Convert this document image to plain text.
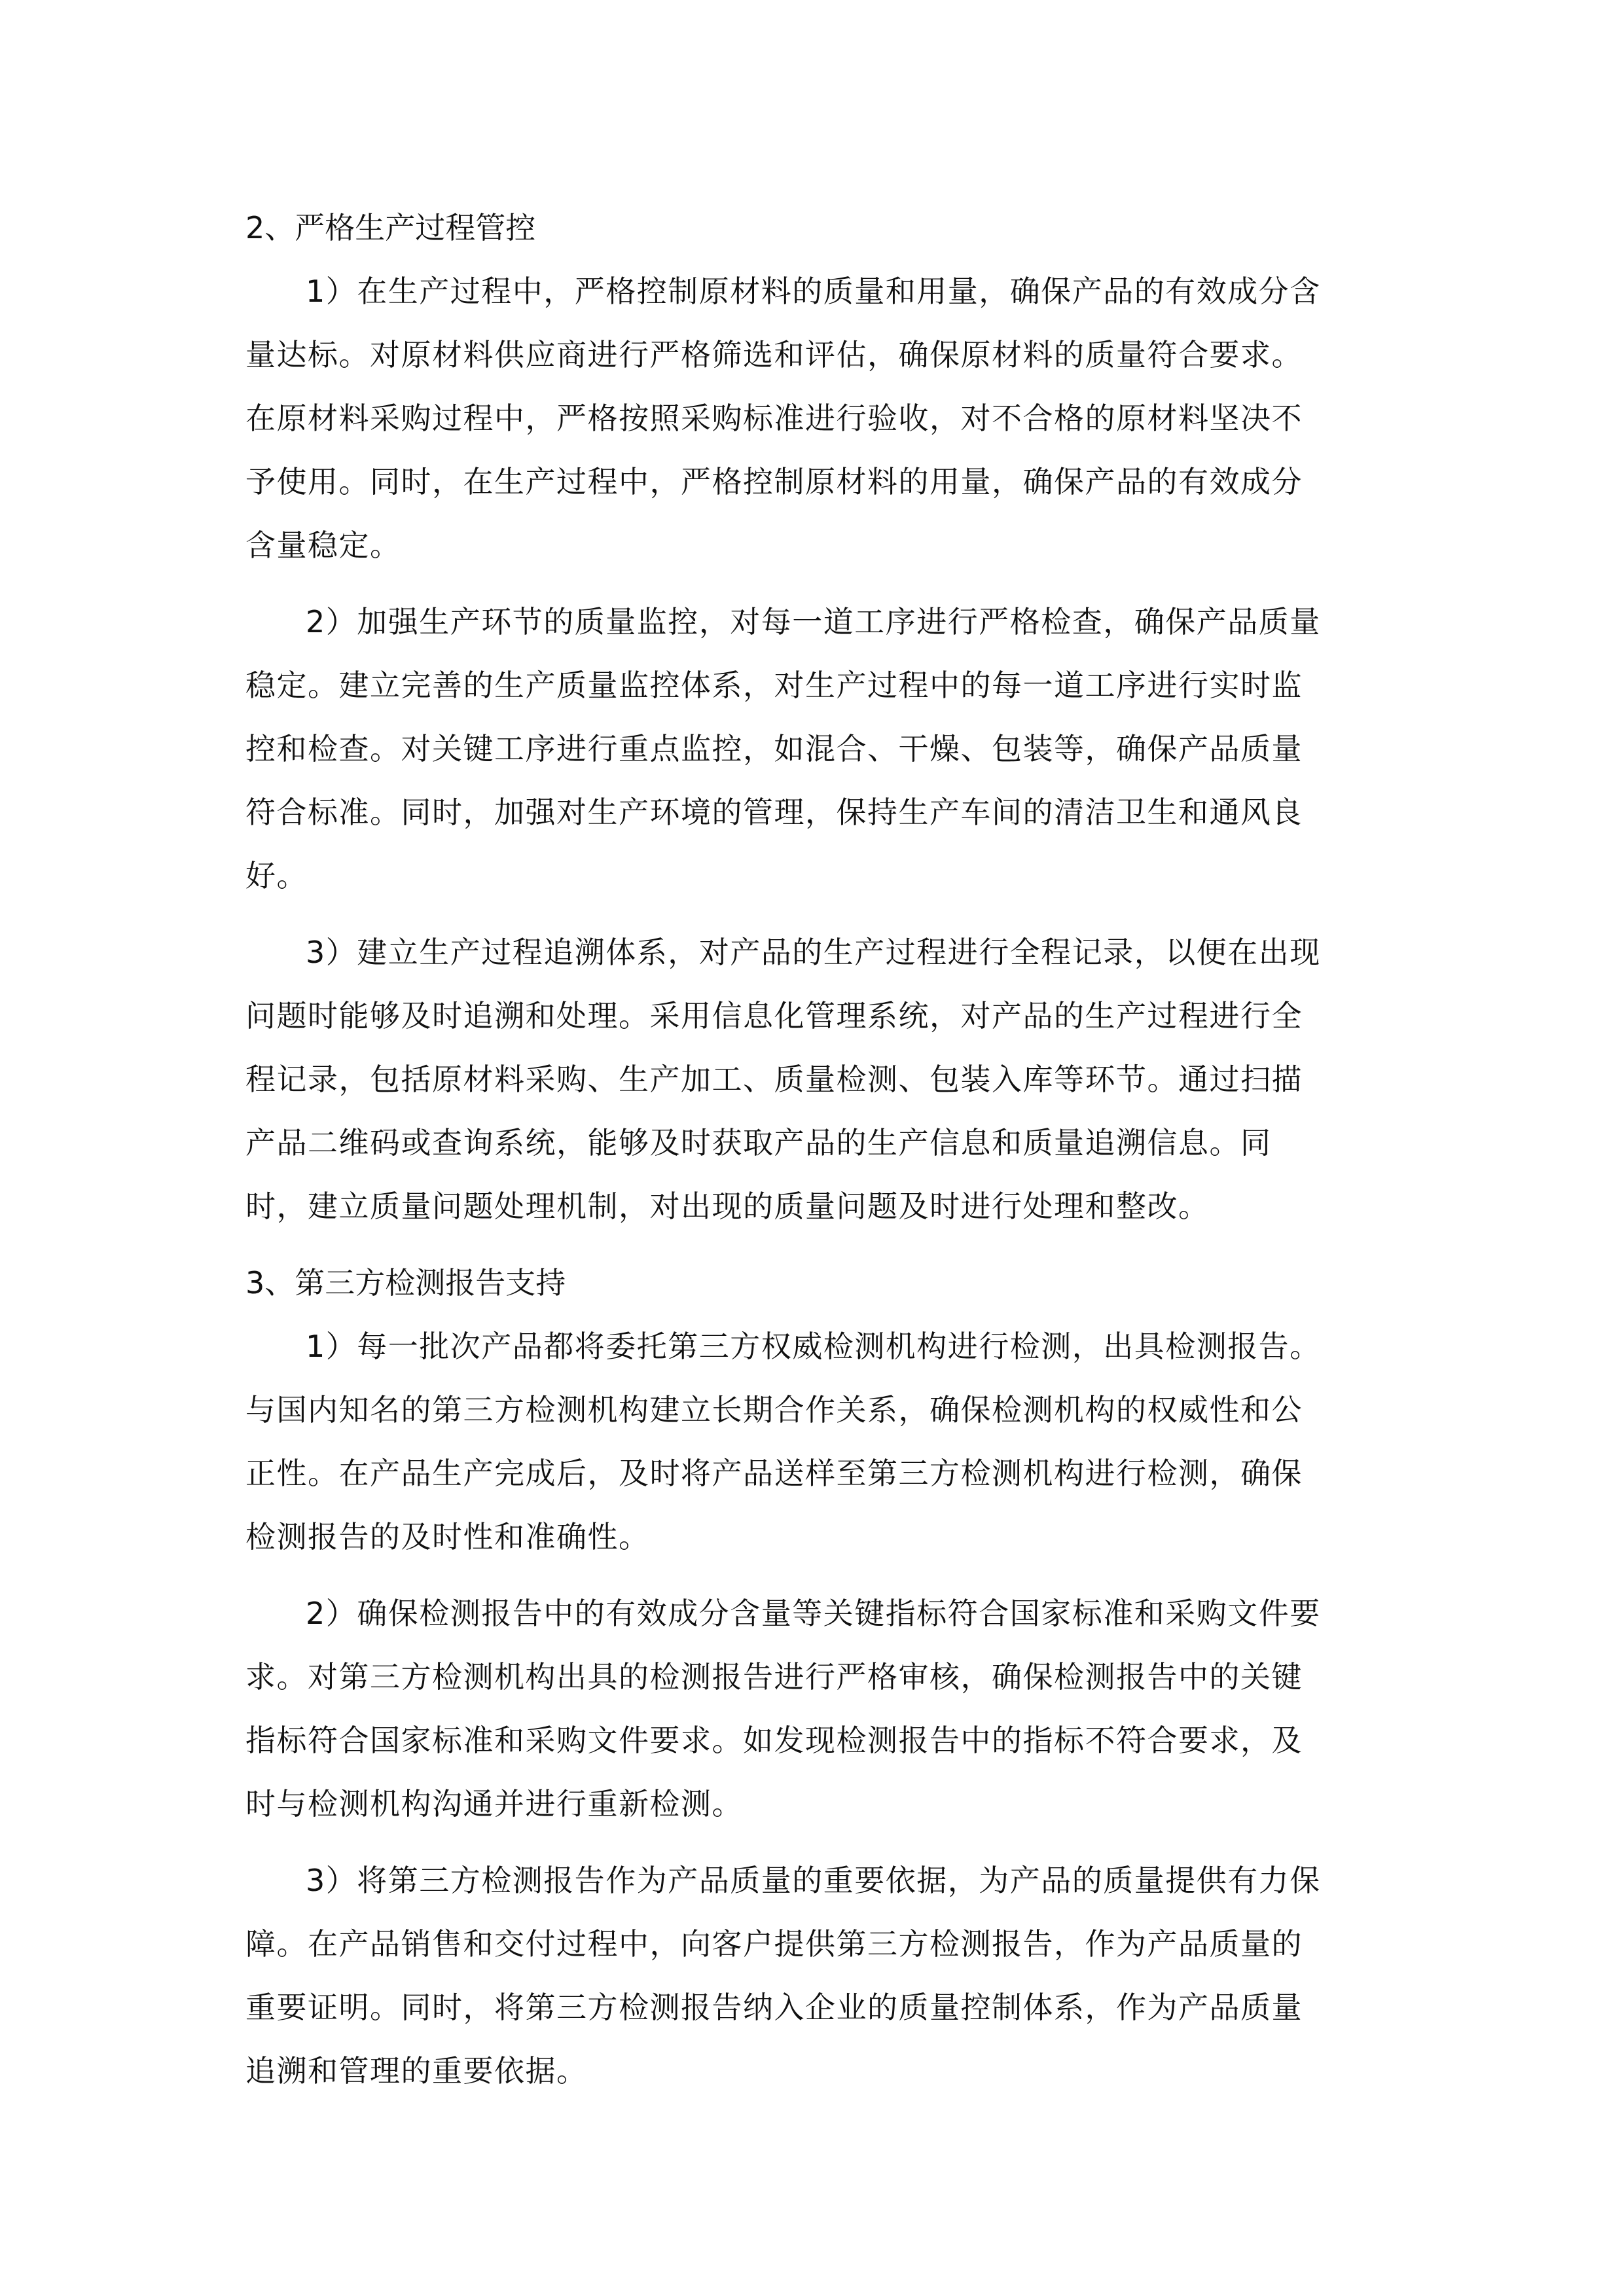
2、严格生产过程管控
1）在生产过程中，严格控制原材料的质量和用量，确保产品的有效成分含
量达标。对原材料供应商进行严格筛选和评估，确保原材料的质量符合要求。
在原材料采购过程中，严格按照采购标准进行验收，对不合格的原材料坚决不
予使用。同时，在生产过程中，严格控制原材料的用量，确保产品的有效成分
含量稳定。
2）加强生产环节的质量监控，对每一道工序进行严格检查，确保产品质量
稳定。建立完善的生产质量监控体系，对生产过程中的每一道工序进行实时监
控和检查。对关键工序进行重点监控，如混合、干燥、包装等，确保产品质量
符合标准。同时，加强对生产环境的管理，保持生产车间的清洁卫生和通风良
好。
3）建立生产过程追溯体系，对产品的生产过程进行全程记录，以便在出现
问题时能够及时追溯和处理。采用信息化管理系统，对产品的生产过程进行全
程记录，包括原材料采购、生产加工、质量检测、包装入库等环节。通过扫描
产品二维码或查询系统，能够及时获取产品的生产信息和质量追溯信息。同
时，建立质量问题处理机制，对出现的质量问题及时进行处理和整改。
3、第三方检测报告支持
1）每一批次产品都将委托第三方权威检测机构进行检测，出具检测报告。
与国内知名的第三方检测机构建立长期合作关系，确保检测机构的权威性和公
正性。在产品生产完成后，及时将产品送样至第三方检测机构进行检测，确保
检测报告的及时性和准确性。
2）确保检测报告中的有效成分含量等关键指标符合国家标准和采购文件要
求。对第三方检测机构出具的检测报告进行严格审核，确保检测报告中的关键
指标符合国家标准和采购文件要求。如发现检测报告中的指标不符合要求，及
时与检测机构沟通并进行重新检测。
3）将第三方检测报告作为产品质量的重要依据，为产品的质量提供有力保
障。在产品销售和交付过程中，向客户提供第三方检测报告，作为产品质量的
重要证明。同时，将第三方检测报告纳入企业的质量控制体系，作为产品质量
追溯和管理的重要依据。
